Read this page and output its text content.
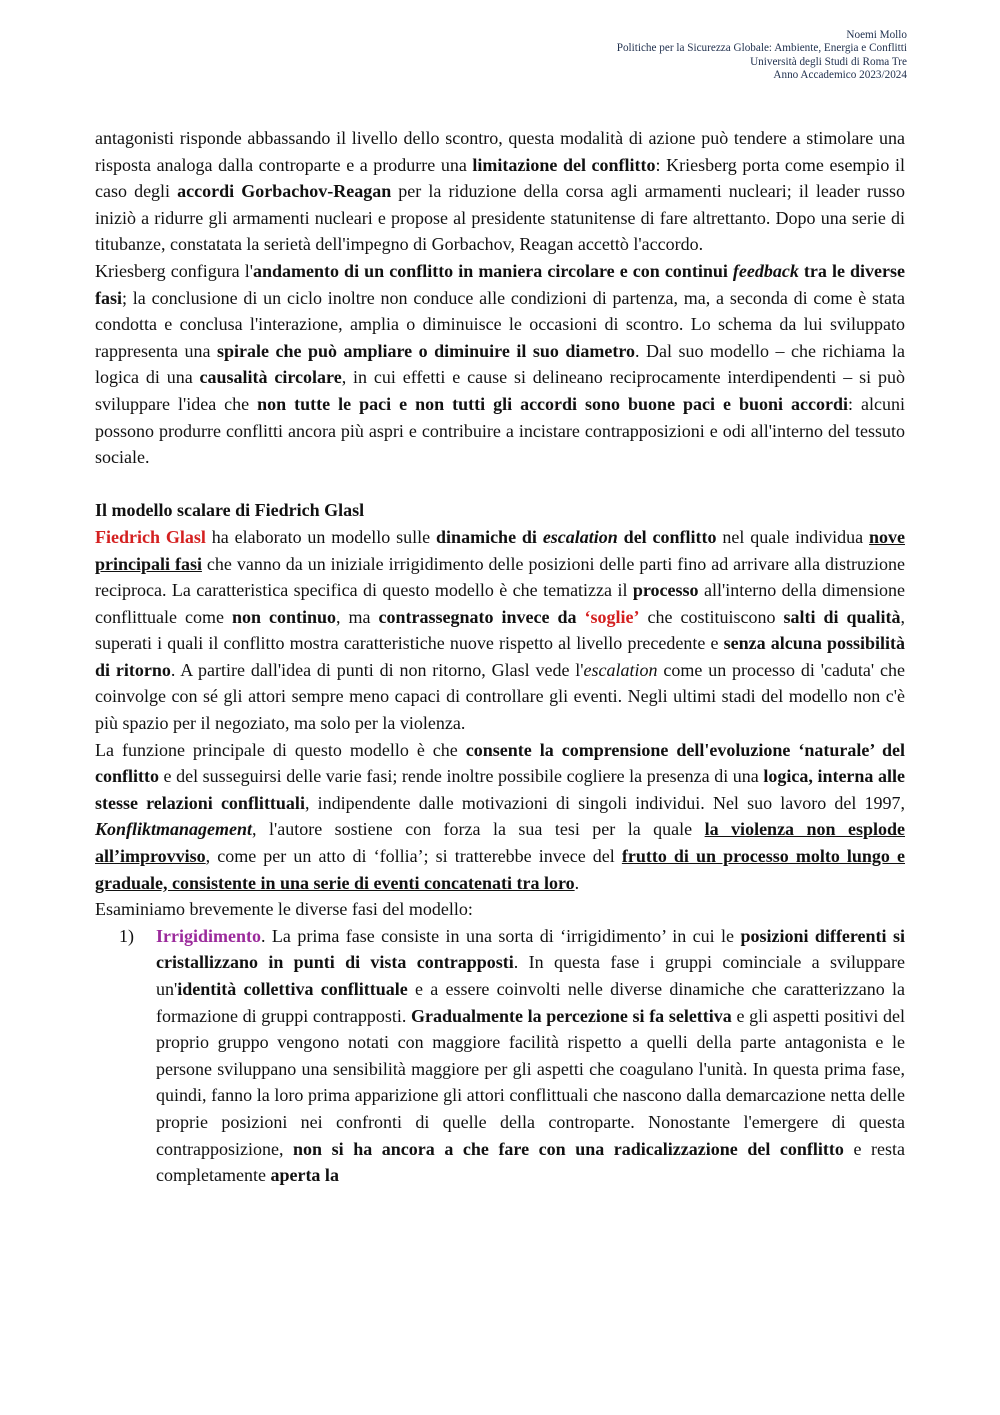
Noemi Mollo
Politiche per la Sicurezza Globale: Ambiente, Energia e Conflitti
Università degli Studi di Roma Tre
Anno Accademico 2023/2024

antagonisti risponde abbassando il livello dello scontro, questa modalità di azione può tendere a stimolare una risposta analoga dalla controparte e a produrre una limitazione del conflitto: Kriesberg porta come esempio il caso degli accordi Gorbachov-Reagan per la riduzione della corsa agli armamenti nucleari; il leader russo iniziò a ridurre gli armamenti nucleari e propose al presidente statunitense di fare altrettanto. Dopo una serie di titubanze, constatata la serietà dell'impegno di Gorbachov, Reagan accettò l'accordo.

Kriesberg configura l'andamento di un conflitto in maniera circolare e con continui feedback tra le diverse fasi; la conclusione di un ciclo inoltre non conduce alle condizioni di partenza, ma, a seconda di come è stata condotta e conclusa l'interazione, amplia o diminuisce le occasioni di scontro. Lo schema da lui sviluppato rappresenta una spirale che può ampliare o diminuire il suo diametro. Dal suo modello – che richiama la logica di una causalità circolare, in cui effetti e cause si delineano reciprocamente interdipendenti – si può sviluppare l'idea che non tutte le paci e non tutti gli accordi sono buone paci e buoni accordi: alcuni possono produrre conflitti ancora più aspri e contribuire a incistare contrapposizioni e odi all'interno del tessuto sociale.

Il modello scalare di Fiedrich Glasl

Fiedrich Glasl ha elaborato un modello sulle dinamiche di escalation del conflitto nel quale individua nove principali fasi che vanno da un iniziale irrigidimento delle posizioni delle parti fino ad arrivare alla distruzione reciproca. La caratteristica specifica di questo modello è che tematizza il processo all'interno della dimensione conflittuale come non continuo, ma contrassegnato invece da ‘soglie’ che costituiscono salti di qualità, superati i quali il conflitto mostra caratteristiche nuove rispetto al livello precedente e senza alcuna possibilità di ritorno. A partire dall'idea di punti di non ritorno, Glasl vede l'escalation come un processo di 'caduta' che coinvolge con sé gli attori sempre meno capaci di controllare gli eventi. Negli ultimi stadi del modello non c'è più spazio per il negoziato, ma solo per la violenza.

La funzione principale di questo modello è che consente la comprensione dell'evoluzione ‘naturale’ del conflitto e del susseguirsi delle varie fasi; rende inoltre possibile cogliere la presenza di una logica, interna alle stesse relazioni conflittuali, indipendente dalle motivazioni di singoli individui. Nel suo lavoro del 1997, Konfliktmanagement, l'autore sostiene con forza la sua tesi per la quale la violenza non esplode all’improvviso, come per un atto di ‘follia’; si tratterebbe invece del frutto di un processo molto lungo e graduale, consistente in una serie di eventi concatenati tra loro.

Esaminiamo brevemente le diverse fasi del modello:

1) Irrigidimento. La prima fase consiste in una sorta di ‘irrigidimento’ in cui le posizioni differenti si cristallizzano in punti di vista contrapposti. In questa fase i gruppi cominciale a sviluppare un'identità collettiva conflittuale e a essere coinvolti nelle diverse dinamiche che caratterizzano la formazione di gruppi contrapposti. Gradualmente la percezione si fa selettiva e gli aspetti positivi del proprio gruppo vengono notati con maggiore facilità rispetto a quelli della parte antagonista e le persone sviluppano una sensibilità maggiore per gli aspetti che coagulano l'unità. In questa prima fase, quindi, fanno la loro prima apparizione gli attori conflittuali che nascono dalla demarcazione netta delle proprie posizioni nei confronti di quelle della controparte. Nonostante l'emergere di questa contrapposizione, non si ha ancora a che fare con una radicalizzazione del conflitto e resta completamente aperta la
